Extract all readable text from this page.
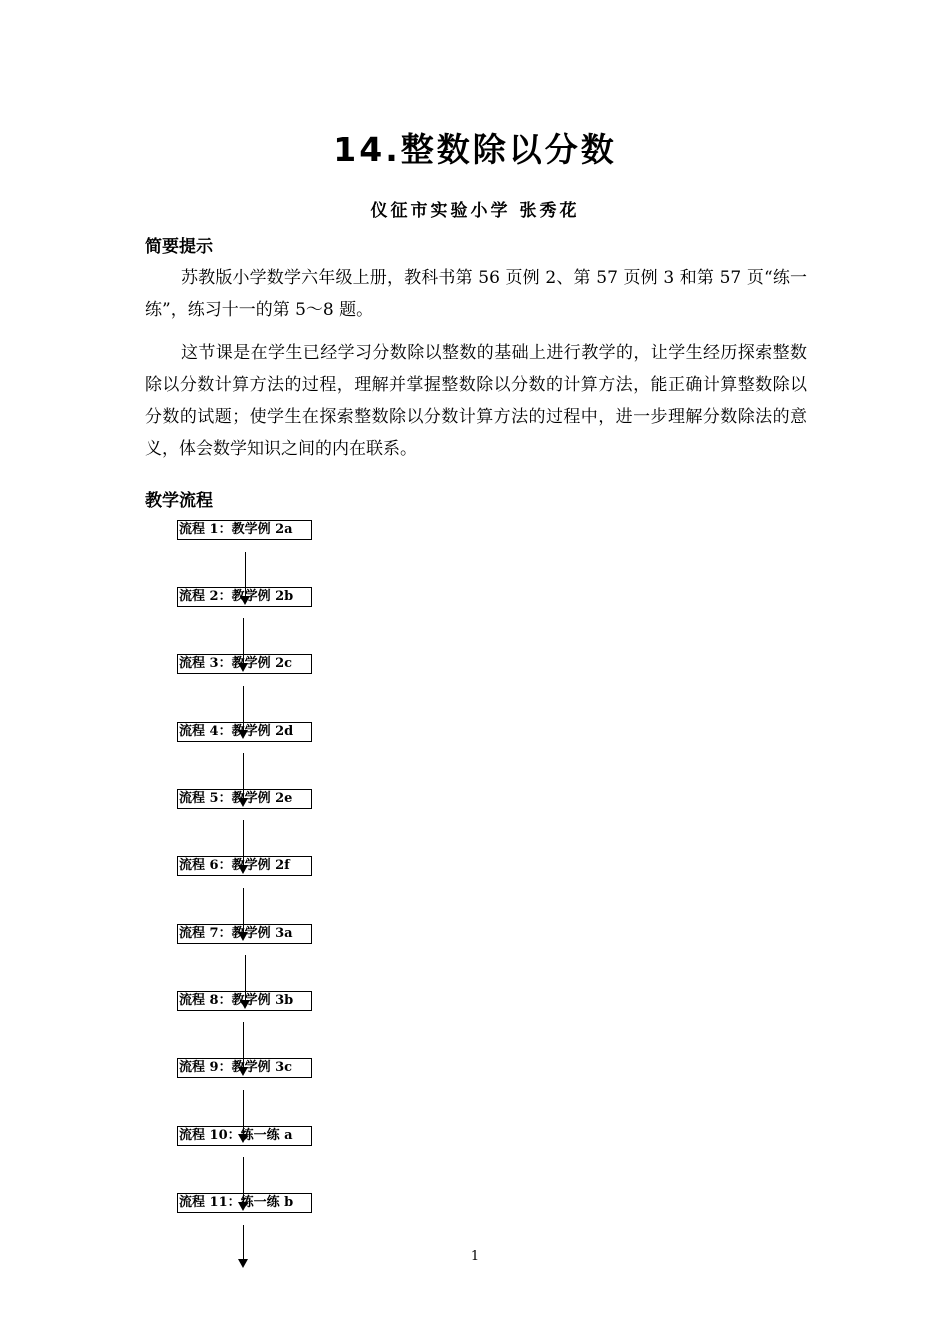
14.整数除以分数
仪征市实验小学 张秀花
简要提示

苏教版小学数学六年级上册，教科书第 56 页例 2、第 57 页例 3 和第 57 页“练一练”，练习十一的第 5～8 题。

这节课是在学生已经学习分数除以整数的基础上进行教学的，让学生经历探索整数除以分数计算方法的过程，理解并掌握整数除以分数的计算方法，能正确计算整数除以分数的试题；使学生在探索整数除以分数计算方法的过程中，进一步理解分数除法的意义，体会数学知识之间的内在联系。

教学流程
流程 1：教学例 2a
流程 2：教学例 2b
流程 3：教学例 2c
流程 4：教学例 2d
流程 5：教学例 2e
流程 6：教学例 2f
流程 7：教学例 3a
流程 8：教学例 3b
流程 9：教学例 3c
流程 10：练一练 a
流程 11：练一练 b
1
